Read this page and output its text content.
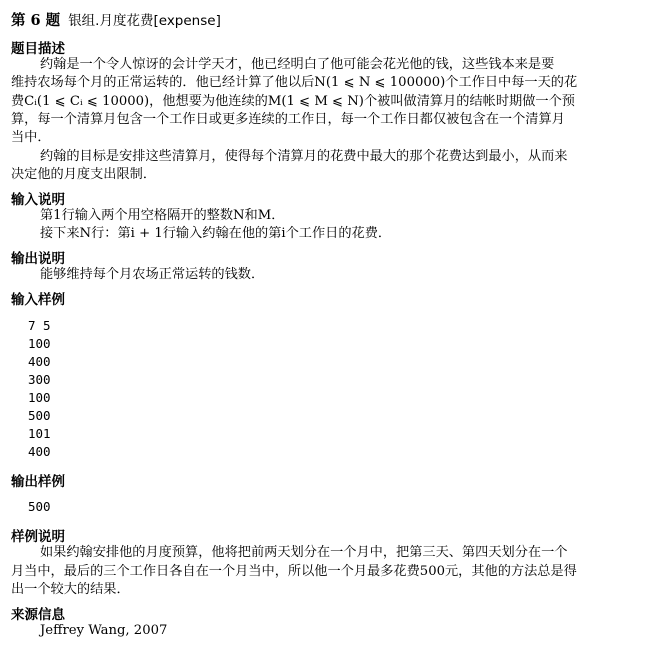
第 6 题 银组.月度花费[expense]
题目描述
约翰是一个令人惊讶的会计学天才，他已经明白了他可能会花光他的钱，这些钱本来是要
维持农场每个月的正常运转的．他已经计算了他以后N(1 ⩽ N ⩽ 100000)个工作日中每一天的花
费Cᵢ(1 ⩽ Cᵢ ⩽ 10000)，他想要为他连续的M(1 ⩽ M ⩽ N)个被叫做清算月的结帐时期做一个预
算，每一个清算月包含一个工作日或更多连续的工作日，每一个工作日都仅被包含在一个清算月
当中．
约翰的目标是安排这些清算月，使得每个清算月的花费中最大的那个花费达到最小，从而来
决定他的月度支出限制．
输入说明
第1行输入两个用空格隔开的整数N和M．
接下来N行：第i + 1行输入约翰在他的第i个工作日的花费．
输出说明
能够维持每个月农场正常运转的钱数．
输入样例
7 5
100
400
300
100
500
101
400
输出样例
500
样例说明
如果约翰安排他的月度预算，他将把前两天划分在一个月中，把第三天、第四天划分在一个
月当中，最后的三个工作日各自在一个月当中，所以他一个月最多花费500元，其他的方法总是得
出一个较大的结果．
来源信息
Jeffrey Wang, 2007
